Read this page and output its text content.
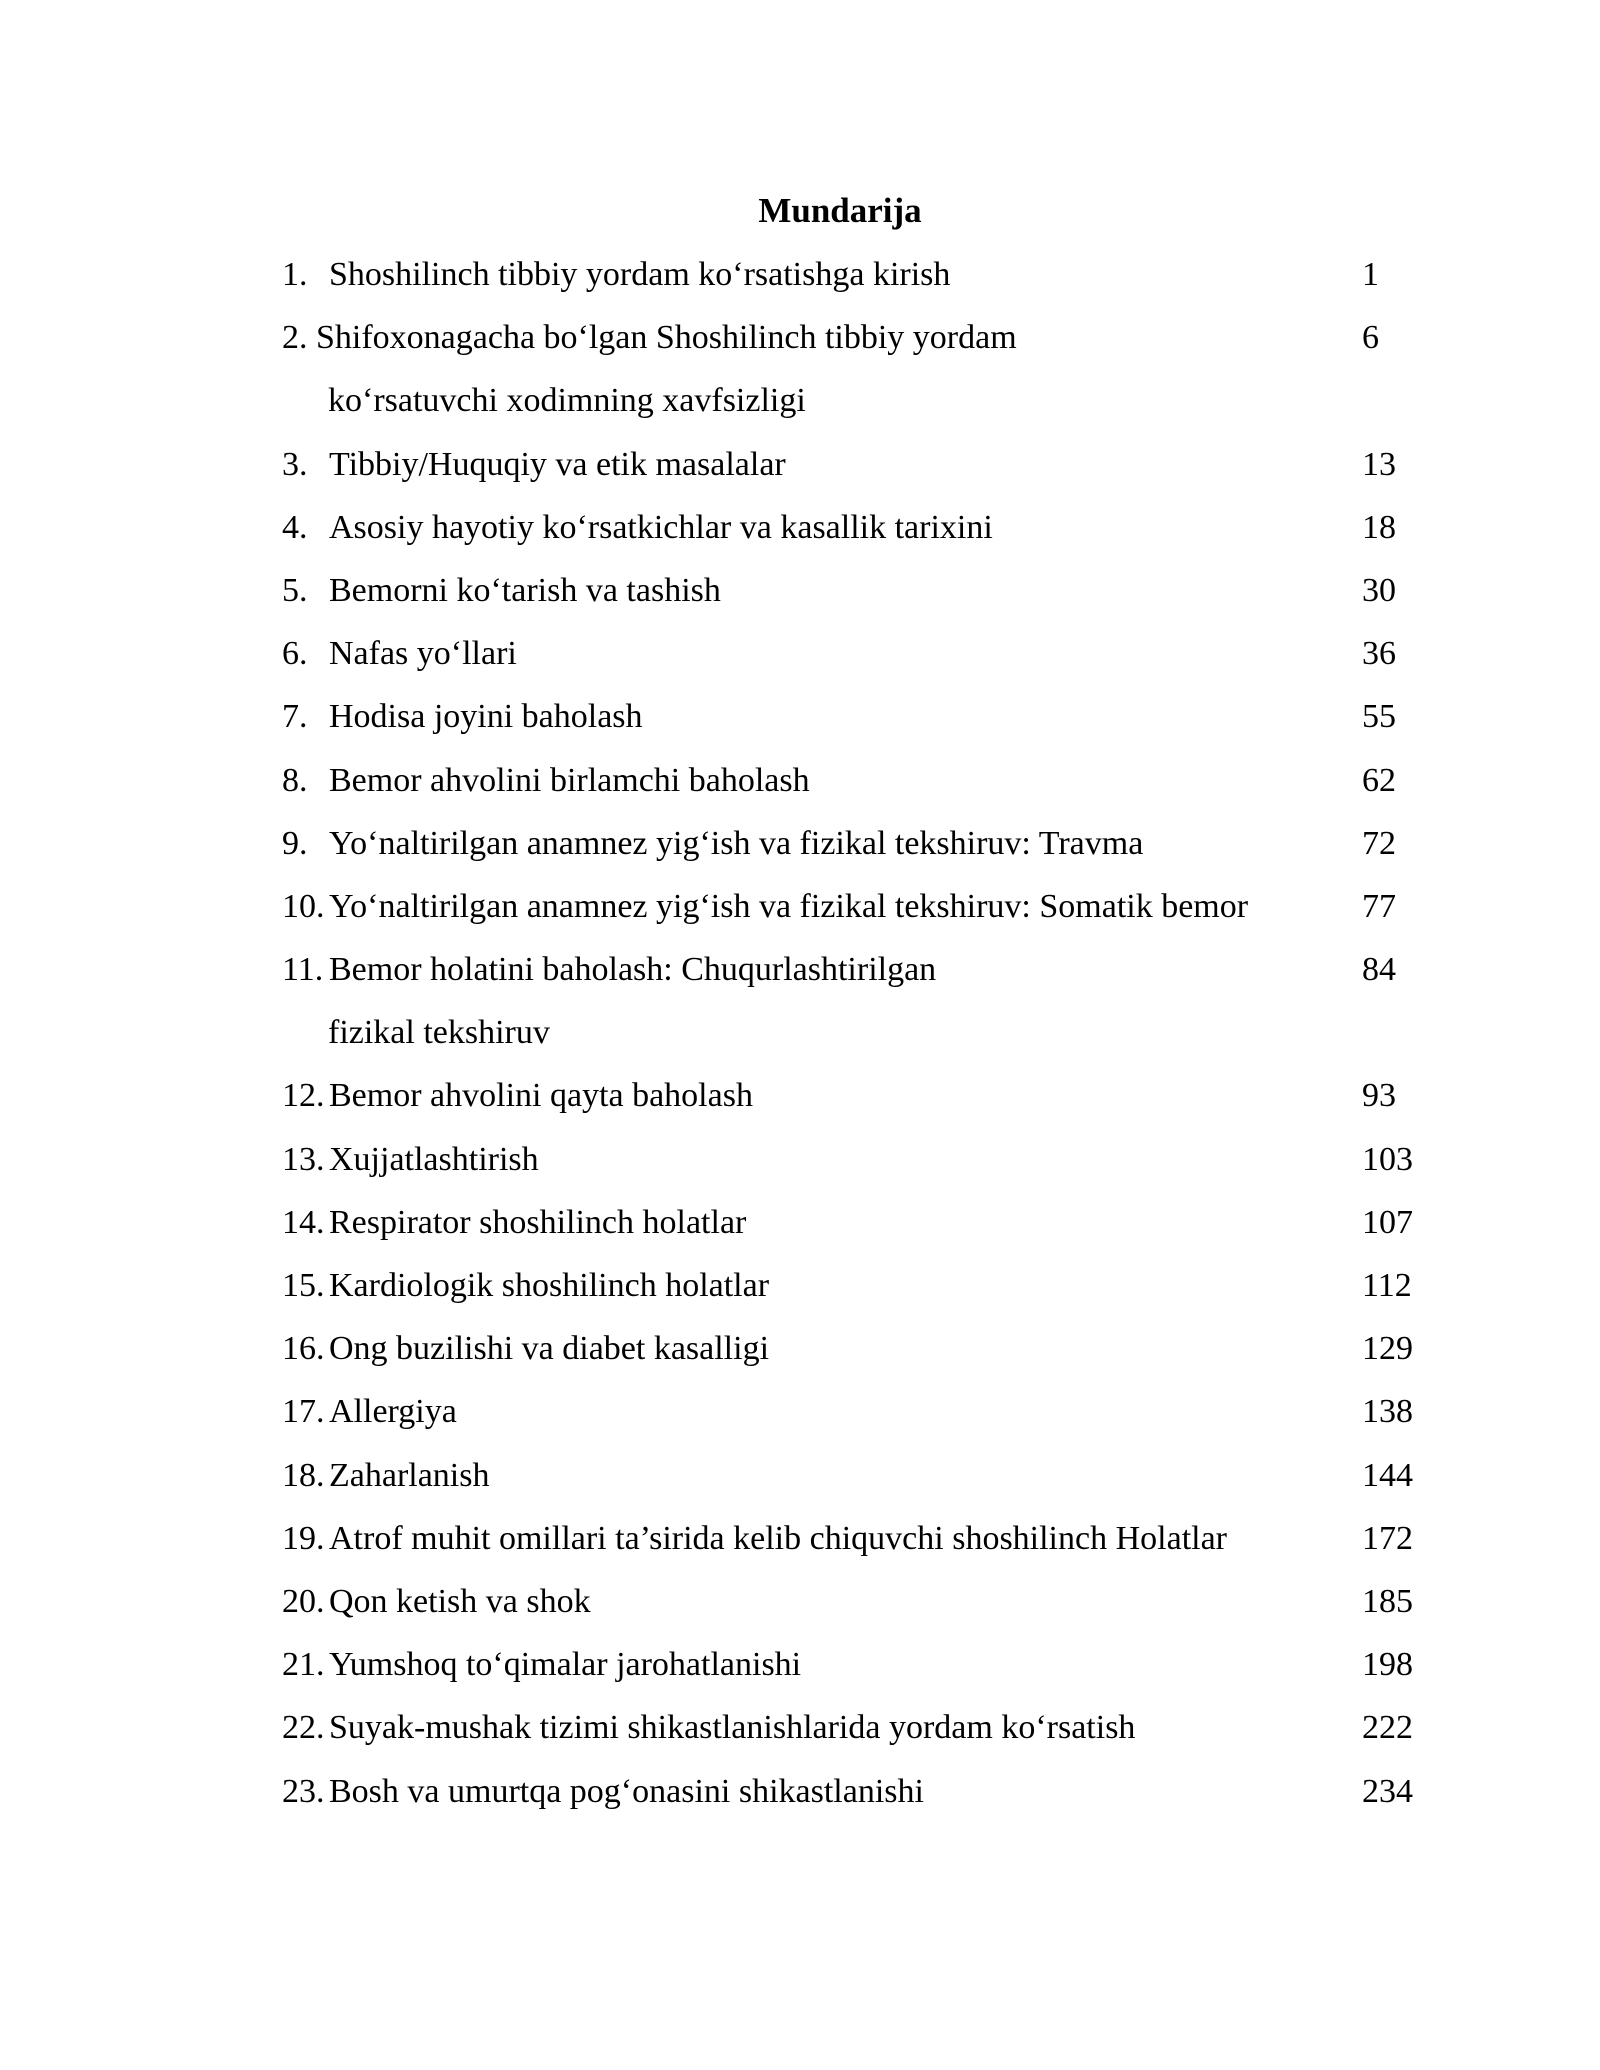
Mundarija
1. Shoshilinch tibbiy yordam ko‘rsatishga kirish	1
2. Shifoxonagacha bo‘lgan Shoshilinch tibbiy yordam	6
ko‘rsatuvchi xodimning xavfsizligi
3. Tibbiy/Huquqiy va etik masalalar	13
4. Asosiy hayotiy ko‘rsatkichlar va kasallik tarixini	18
5. Bemorni ko‘tarish va tashish	30
6. Nafas yo‘llari	36
7. Hodisa joyini baholash	55
8. Bemor ahvolini birlamchi baholash	62
9. Yo‘naltirilgan anamnez yig‘ish va fizikal tekshiruv: Travma	72
10. Yo‘naltirilgan anamnez yig‘ish va fizikal tekshiruv: Somatik bemor	77
11. Bemor holatini baholash: Chuqurlashtirilgan	84
fizikal tekshiruv
12. Bemor ahvolini qayta baholash	93
13. Xujjatlashtirish	103
14. Respirator shoshilinch holatlar	107
15. Kardiologik shoshilinch holatlar	112
16. Ong buzilishi va diabet kasalligi	129
17. Allergiya	138
18. Zaharlanish	144
19. Atrof muhit omillari ta’sirida kelib chiquvchi shoshilinch Holatlar	172
20. Qon ketish va shok	185
21. Yumshoq to‘qimalar jarohatlanishi	198
22. Suyak-mushak tizimi shikastlanishlarida yordam ko‘rsatish	222
23. Bosh va umurtqa pog‘onasini shikastlanishi	234
